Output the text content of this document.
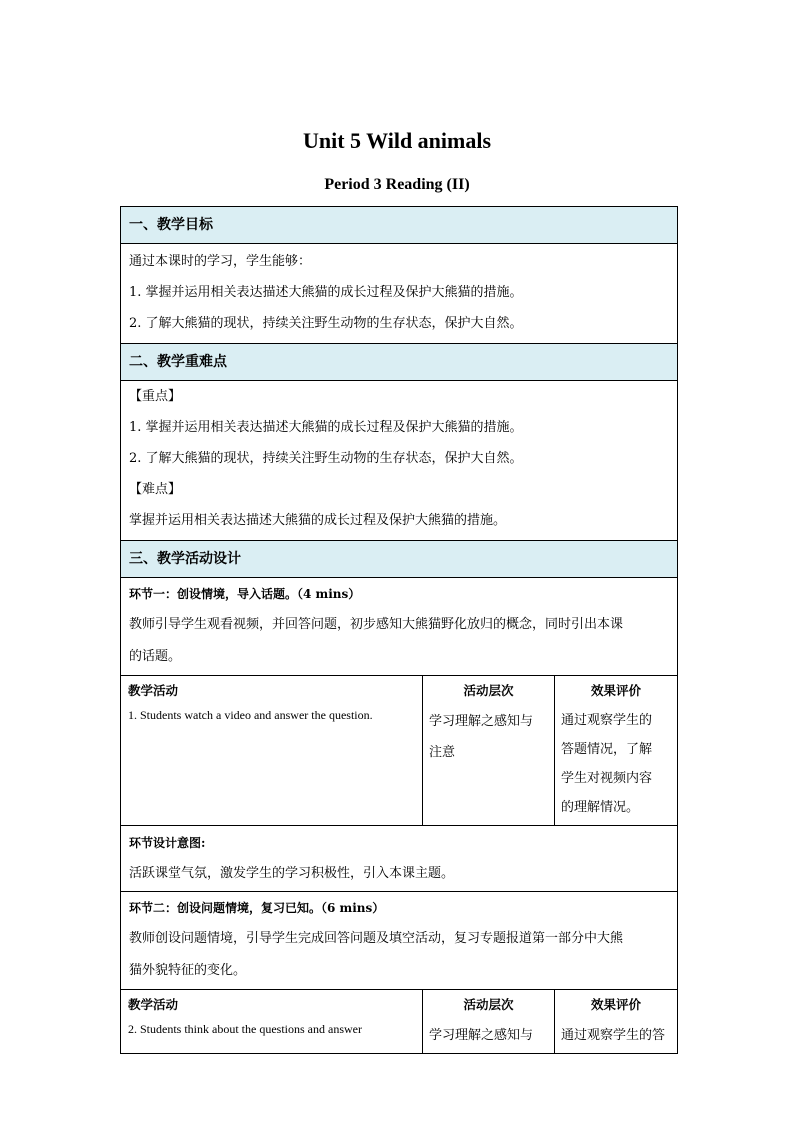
Unit 5 Wild animals
Period 3 Reading (II)
一、教学目标
通过本课时的学习，学生能够：
1. 掌握并运用相关表达描述大熊猫的成长过程及保护大熊猫的措施。
2. 了解大熊猫的现状，持续关注野生动物的生存状态，保护大自然。
二、教学重难点
【重点】
1. 掌握并运用相关表达描述大熊猫的成长过程及保护大熊猫的措施。
2. 了解大熊猫的现状，持续关注野生动物的生存状态，保护大自然。
【难点】
掌握并运用相关表达描述大熊猫的成长过程及保护大熊猫的措施。
三、教学活动设计
环节一：创设情境，导入话题。（4 mins）
教师引导学生观看视频，并回答问题，初步感知大熊猫野化放归的概念，同时引出本课
的话题。
教学活动
1. Students watch a video and answer the question.
活动层次
学习理解之感知与
注意
效果评价
通过观察学生的
答题情况，了解
学生对视频内容
的理解情况。
环节设计意图:
活跃课堂气氛，激发学生的学习积极性，引入本课主题。
环节二：创设问题情境，复习已知。（6 mins）
教师创设问题情境，引导学生完成回答问题及填空活动，复习专题报道第一部分中大熊
猫外貌特征的变化。
教学活动
2. Students think about the questions and answer
活动层次
学习理解之感知与
效果评价
通过观察学生的答
